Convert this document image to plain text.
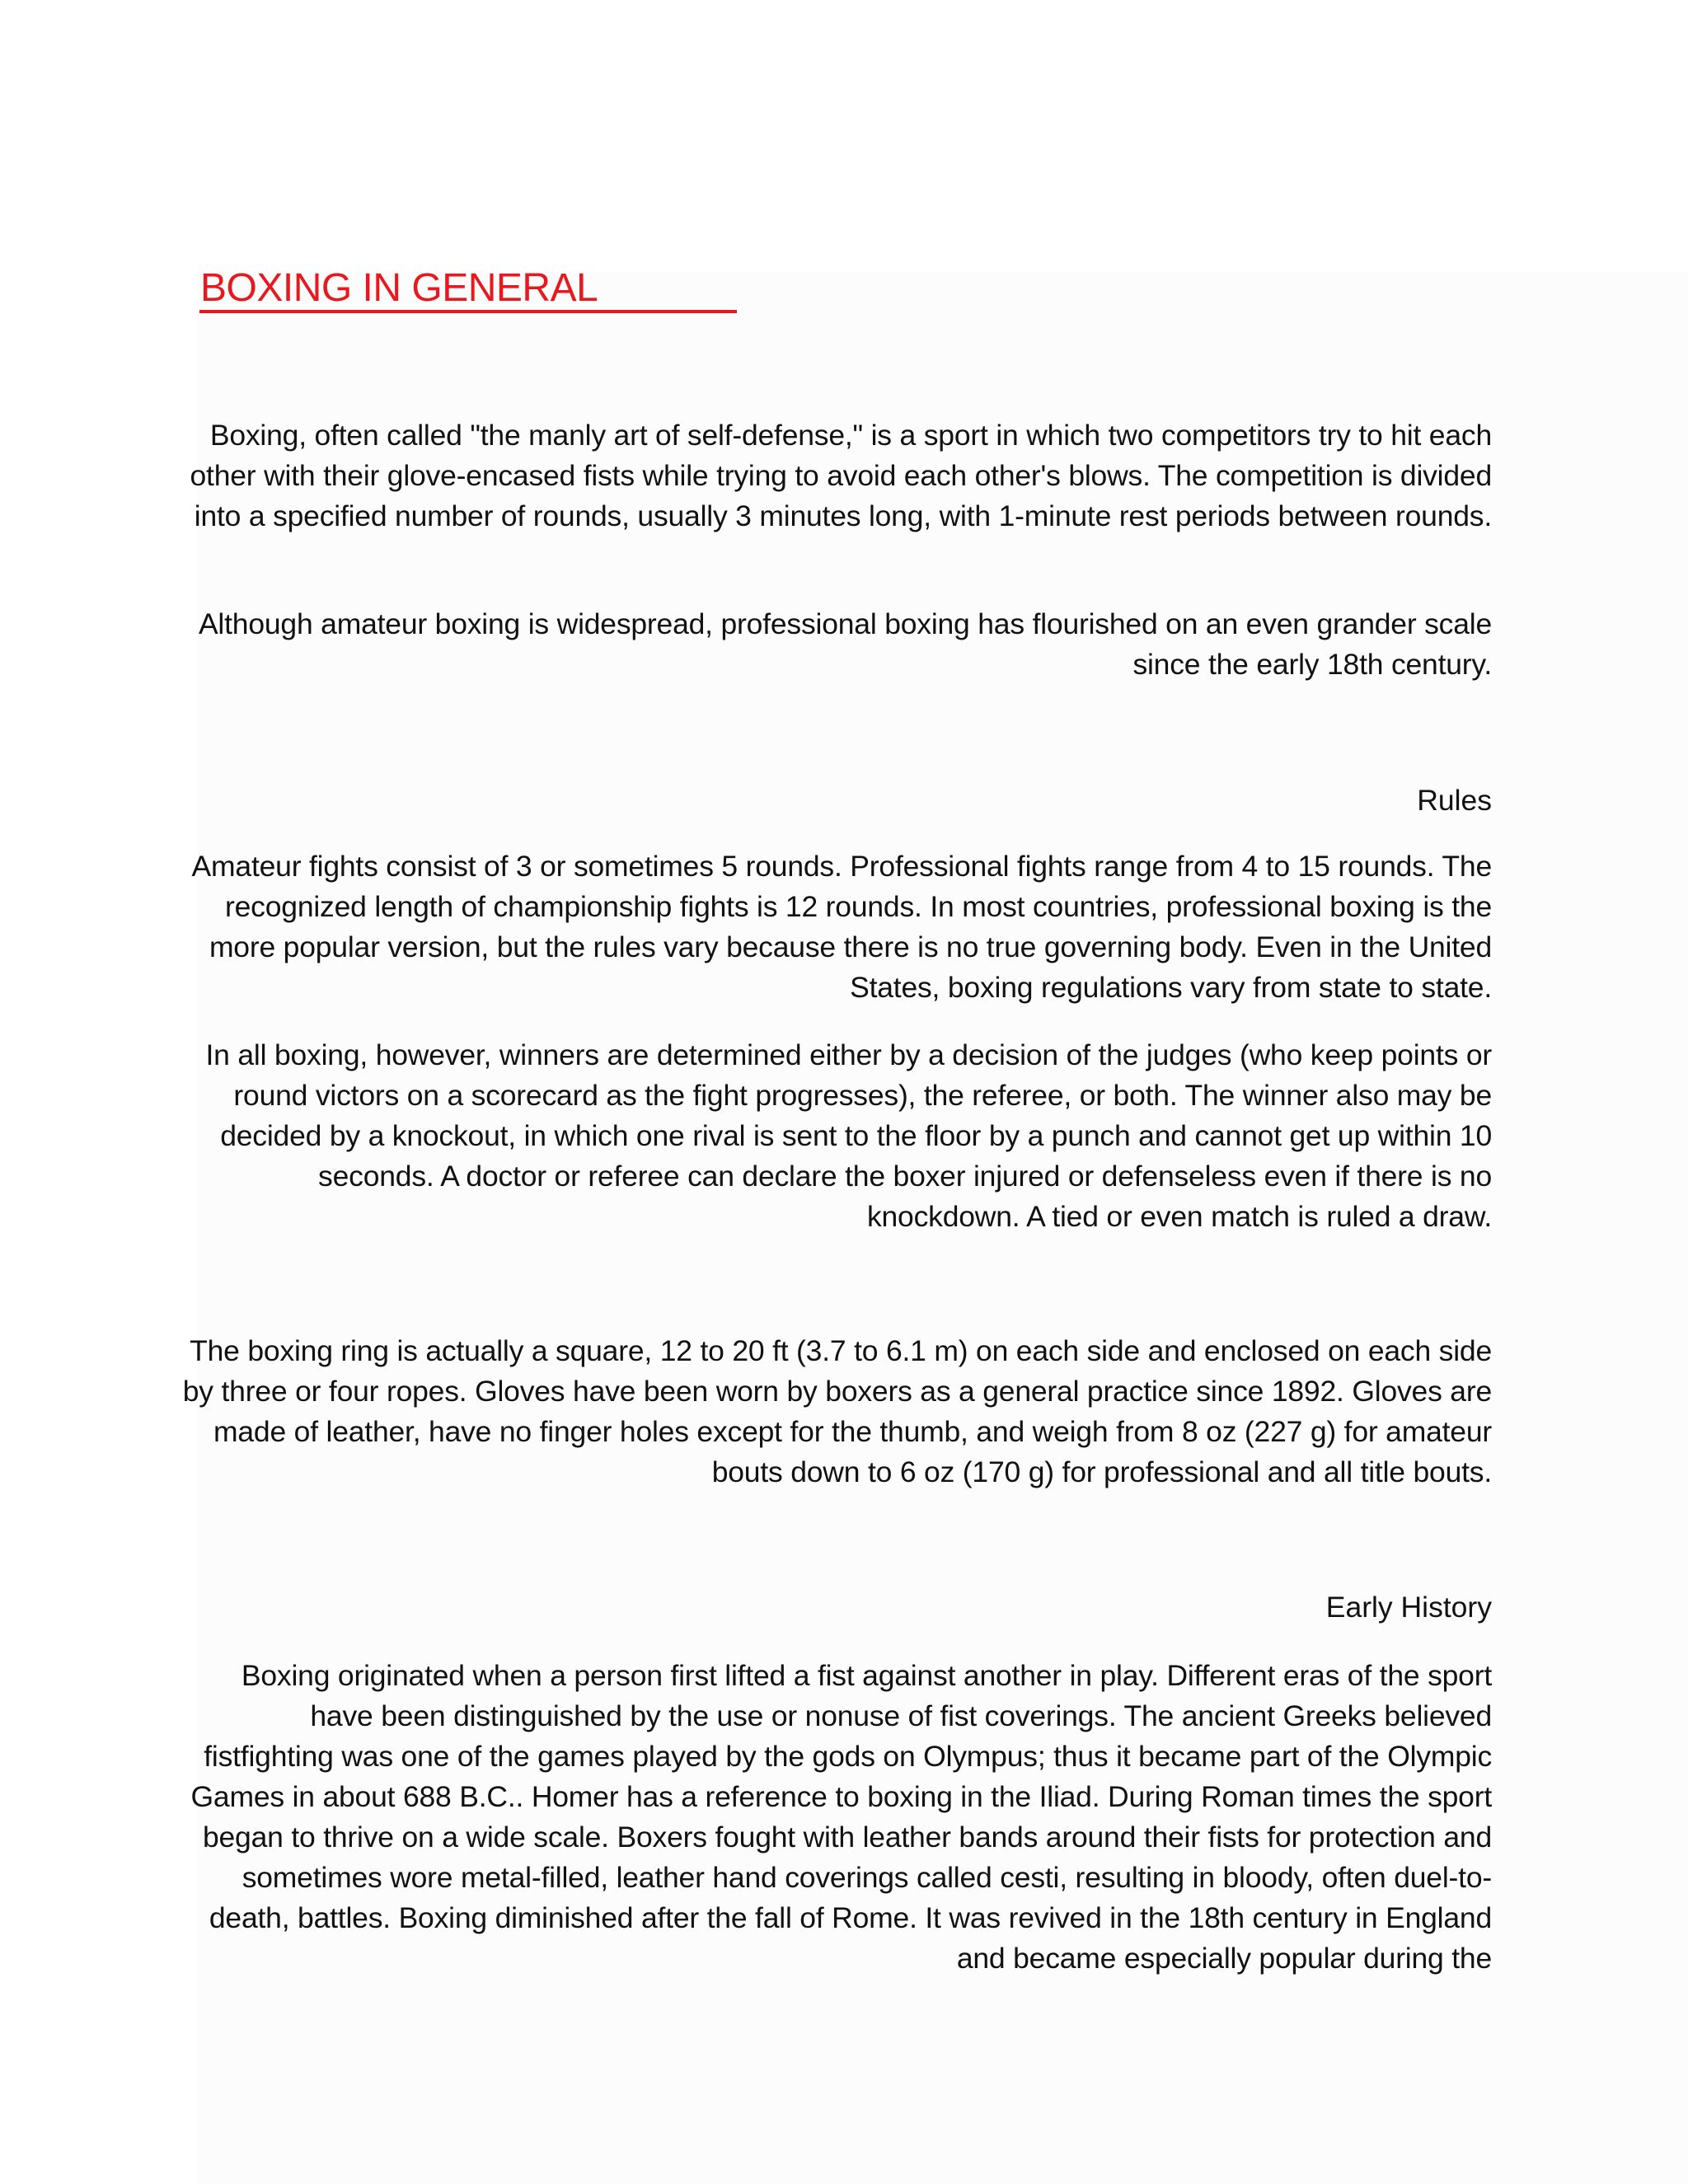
BOXING IN GENERAL

Boxing, often called "the manly art of self-defense," is a sport in which two competitors try to hit each other with their glove-encased fists while trying to avoid each other's blows. The competition is divided into a specified number of rounds, usually 3 minutes long, with 1-minute rest periods between rounds.

Although amateur boxing is widespread, professional boxing has flourished on an even grander scale since the early 18th century.

Rules

Amateur fights consist of 3 or sometimes 5 rounds. Professional fights range from 4 to 15 rounds. The recognized length of championship fights is 12 rounds. In most countries, professional boxing is the more popular version, but the rules vary because there is no true governing body. Even in the United States, boxing regulations vary from state to state.

In all boxing, however, winners are determined either by a decision of the judges (who keep points or round victors on a scorecard as the fight progresses), the referee, or both. The winner also may be decided by a knockout, in which one rival is sent to the floor by a punch and cannot get up within 10 seconds. A doctor or referee can declare the boxer injured or defenseless even if there is no knockdown. A tied or even match is ruled a draw.

The boxing ring is actually a square, 12 to 20 ft (3.7 to 6.1 m) on each side and enclosed on each side by three or four ropes. Gloves have been worn by boxers as a general practice since 1892. Gloves are made of leather, have no finger holes except for the thumb, and weigh from 8 oz (227 g) for amateur bouts down to 6 oz (170 g) for professional and all title bouts.

Early History

Boxing originated when a person first lifted a fist against another in play. Different eras of the sport have been distinguished by the use or nonuse of fist coverings. The ancient Greeks believed fistfighting was one of the games played by the gods on Olympus; thus it became part of the Olympic Games in about 688 B.C.. Homer has a reference to boxing in the Iliad. During Roman times the sport began to thrive on a wide scale. Boxers fought with leather bands around their fists for protection and sometimes wore metal-filled, leather hand coverings called cesti, resulting in bloody, often duel-to-death, battles. Boxing diminished after the fall of Rome. It was revived in the 18th century in England and became especially popular during the
